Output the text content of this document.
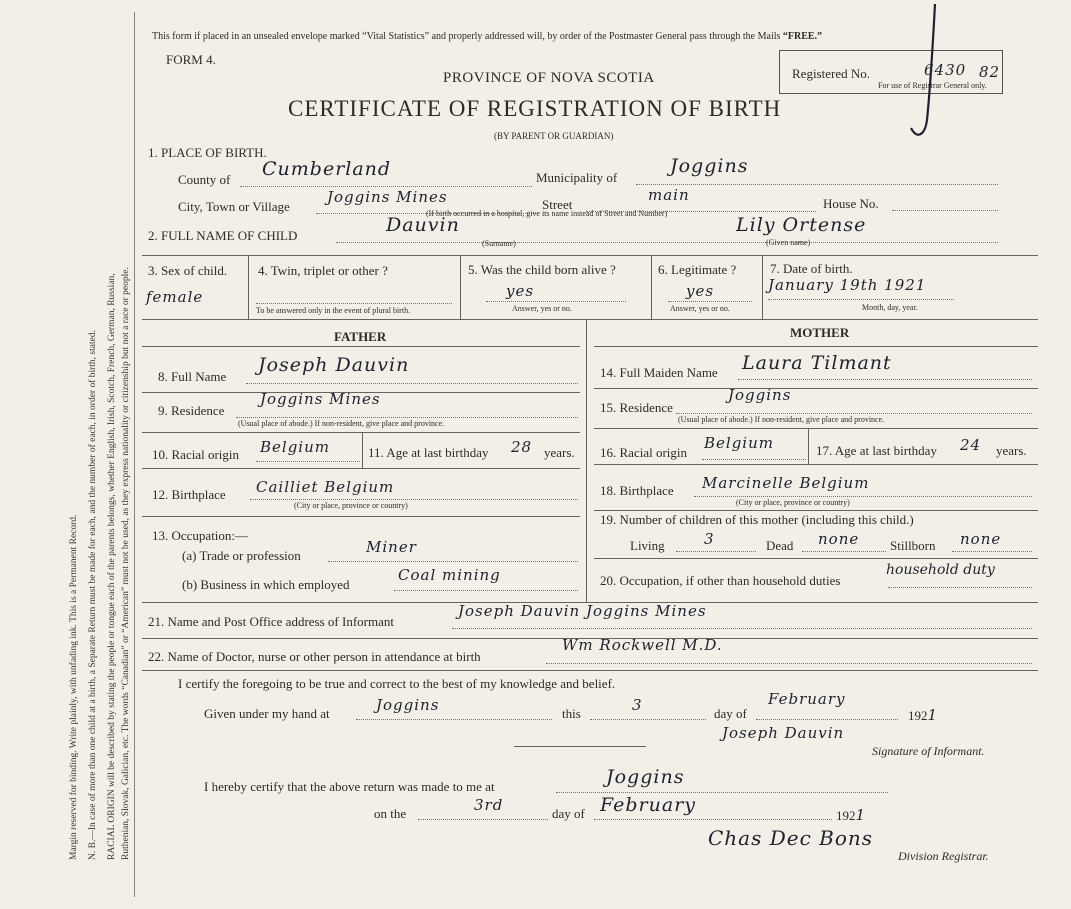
Margin reserved for binding. Write plainly, with unfading ink. This is a Permanent Record. N. B.—In case of more than one child at a birth, a Separate Return must be made for each, and the number of each, in order of birth, stated. RACIAL ORIGIN will be described by stating the people or tongue each of the parents belongs, whether English, Irish, Scotch, French, German, Russian, Ruthenian, Slovak, Galician, etc. The words “Canadian” or “American” must not be used, as they express nationality or citizenship but not a race or people.
This form if placed in an unsealed envelope marked “Vital Statistics” and properly addressed will, by order of the Postmaster General pass through the Mails “FREE.”
FORM 4.
PROVINCE OF NOVA SCOTIA
CERTIFICATE OF REGISTRATION OF BIRTH
(BY PARENT OR GUARDIAN)
Registered No.	6430 82
For use of Registrar General only.
1. PLACE OF BIRTH.
County of Cumberland	Municipality of
Joggins
City, Town or Village
Joggins Mines	Street
main	House No.
(If birth occurred in a hospital, give its name instead of Street and Number)
2. FULL NAME OF CHILD	Dauvin
(Surname)
Lily Ortense
(Given name)
3. Sex of child.
female
4. Twin, triplet or other ?
To be answered only in the event of plural birth.
5. Was the child born alive ?
yes
Answer, yes or no.
6. Legitimate ?
yes
Answer, yes or no.
7. Date of birth.
January 19th 1921
Month, day, year.
FATHER	MOTHER
8. Full Name
Joseph Dauvin
9. Residence
Joggins Mines
(Usual place of abode.) If non-resident, give place and province.
10. Racial origin Belgium	11. Age at last birthday 28 years.
12. Birthplace Cailliet Belgium
(City or place, province or country)
13. Occupation:—
(a) Trade or profession	Miner
(b) Business in which employed
Coal mining
14. Full Maiden Name Laura Tilmant
15. Residence
Joggins
(Usual place of abode.) If non-resident, give place and province.
16. Racial origin
Belgium	17. Age at last birthday 24 years.
18. Birthplace Marcinelle Belgium
(City or place, province or country)
19. Number of children of this mother (including this child.)
Living	3	Dead none Stillborn none
20. Occupation, if other than household duties
household duty
21. Name and Post Office address of Informant
Joseph Dauvin Joggins Mines
22. Name of Doctor, nurse or other person in attendance at birth
Wm Rockwell M.D.
I certify the foregoing to be true and correct to the best of my knowledge and belief.
Given under my hand at	Joggins	this	3	day of
February
1921
Joseph Dauvin
Signature of Informant.
I hereby certify that the above return was made to me at	Joggins
on the	3rd	day of February	1921
Chas Dec Bons
Division Registrar.
